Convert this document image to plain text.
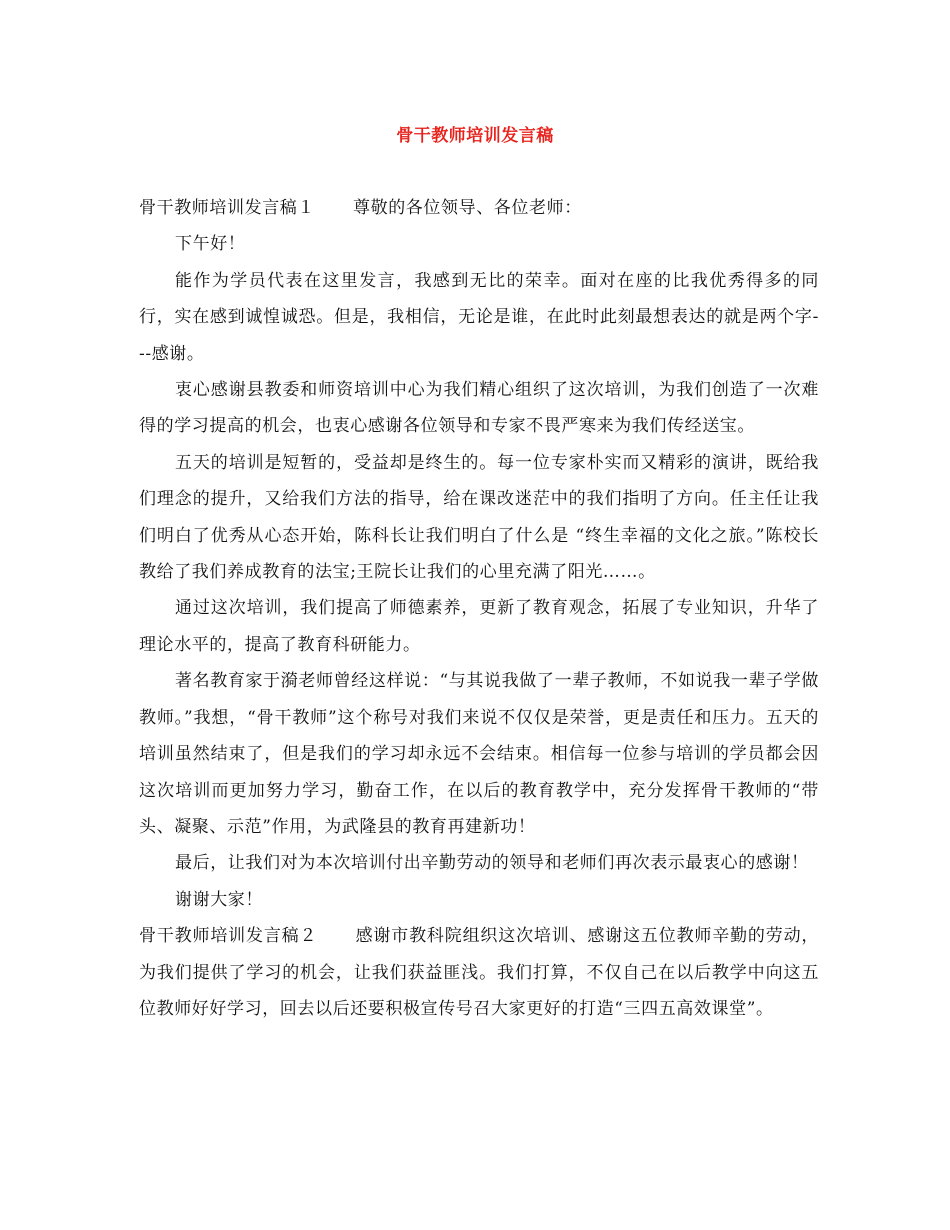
骨干教师培训发言稿

骨干教师培训发言稿１ 尊敬的各位领导、各位老师：

下午好！

能作为学员代表在这里发言，我感到无比的荣幸。面对在座的比我优秀得多的同行，实在感到诚惶诚恐。但是，我相信，无论是谁，在此时此刻最想表达的就是两个字---感谢。

衷心感谢县教委和师资培训中心为我们精心组织了这次培训，为我们创造了一次难得的学习提高的机会，也衷心感谢各位领导和专家不畏严寒来为我们传经送宝。

五天的培训是短暂的，受益却是终生的。每一位专家朴实而又精彩的演讲，既给我们理念的提升，又给我们方法的指导，给在课改迷茫中的我们指明了方向。任主任让我们明白了优秀从心态开始，陈科长让我们明白了什么是 “终生幸福的文化之旅。”陈校长教给了我们养成教育的法宝;王院长让我们的心里充满了阳光……。

通过这次培训，我们提高了师德素养，更新了教育观念，拓展了专业知识，升华了理论水平的，提高了教育科研能力。

著名教育家于漪老师曾经这样说：“与其说我做了一辈子教师，不如说我一辈子学做教师。”我想，“骨干教师”这个称号对我们来说不仅仅是荣誉，更是责任和压力。五天的培训虽然结束了，但是我们的学习却永远不会结束。相信每一位参与培训的学员都会因这次培训而更加努力学习，勤奋工作，在以后的教育教学中，充分发挥骨干教师的“带头、凝聚、示范”作用，为武隆县的教育再建新功！

最后，让我们对为本次培训付出辛勤劳动的领导和老师们再次表示最衷心的感谢！

谢谢大家！

骨干教师培训发言稿２ 感谢市教科院组织这次培训、感谢这五位教师辛勤的劳动，为我们提供了学习的机会，让我们获益匪浅。我们打算，不仅自己在以后教学中向这五位教师好好学习，回去以后还要积极宣传号召大家更好的打造“三四五高效课堂”。
